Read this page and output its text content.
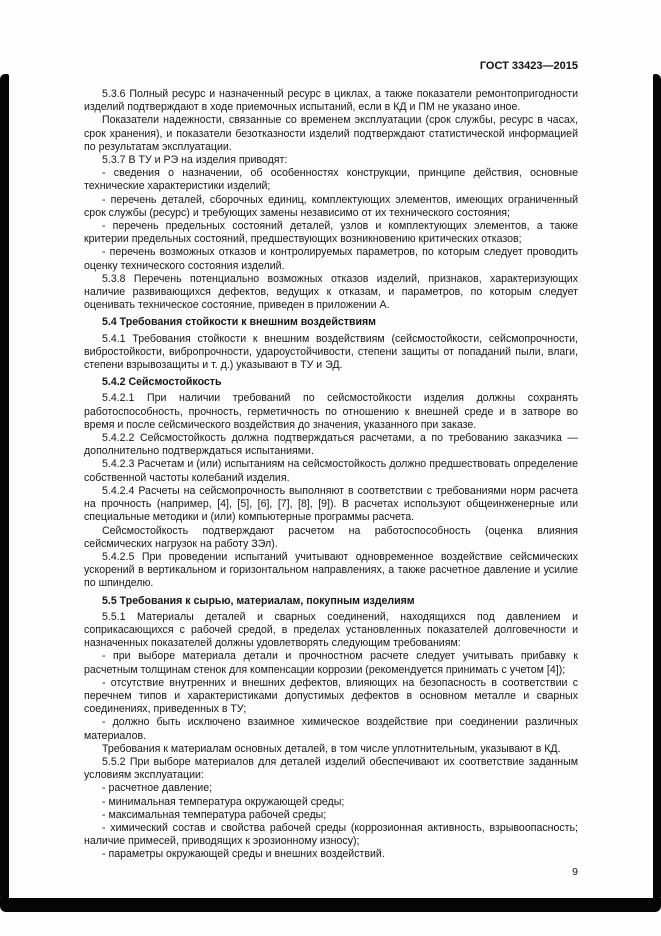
ГОСТ 33423—2015
5.3.6 Полный ресурс и назначенный ресурс в циклах, а также показатели ремонтопригодности изделий подтверждают в ходе приемочных испытаний, если в КД и ПМ не указано иное.
Показатели надежности, связанные со временем эксплуатации (срок службы, ресурс в часах, срок хранения), и показатели безотказности изделий подтверждают статистической информацией по результатам эксплуатации.
5.3.7 В ТУ и РЭ на изделия приводят:
- сведения о назначении, об особенностях конструкции, принципе действия, основные технические характеристики изделий;
- перечень деталей, сборочных единиц, комплектующих элементов, имеющих ограниченный срок службы (ресурс) и требующих замены независимо от их технического состояния;
- перечень предельных состояний деталей, узлов и комплектующих элементов, а также критерии предельных состояний, предшествующих возникновению критических отказов;
- перечень возможных отказов и контролируемых параметров, по которым следует проводить оценку технического состояния изделий.
5.3.8 Перечень потенциально возможных отказов изделий, признаков, характеризующих наличие развивающихся дефектов, ведущих к отказам, и параметров, по которым следует оценивать техническое состояние, приведен в приложении А.
5.4 Требования стойкости к внешним воздействиям
5.4.1 Требования стойкости к внешним воздействиям (сейсмостойкости, сейсмопрочности, вибростойкости, вибропрочности, удароустойчивости, степени защиты от попаданий пыли, влаги, степени взрывозащиты и т. д.) указывают в ТУ и ЭД.
5.4.2 Сейсмостойкость
5.4.2.1 При наличии требований по сейсмостойкости изделия должны сохранять работоспособность, прочность, герметичность по отношению к внешней среде и в затворе во время и после сейсмического воздействия до значения, указанного при заказе.
5.4.2.2 Сейсмостойкость должна подтверждаться расчетами, а по требованию заказчика — дополнительно подтверждаться испытаниями.
5.4.2.3 Расчетам и (или) испытаниям на сейсмостойкость должно предшествовать определение собственной частоты колебаний изделия.
5.4.2.4 Расчеты на сейсмопрочность выполняют в соответствии с требованиями норм расчета на прочность (например, [4], [5], [6], [7], [8], [9]). В расчетах используют общеинженерные или специальные методики и (или) компьютерные программы расчета.
Сейсмостойкость подтверждают расчетом на работоспособность (оценка влияния сейсмических нагрузок на работу ЗЭл).
5.4.2.5 При проведении испытаний учитывают одновременное воздействие сейсмических ускорений в вертикальном и горизонтальном направлениях, а также расчетное давление и усилие по шпинделю.
5.5 Требования к сырью, материалам, покупным изделиям
5.5.1 Материалы деталей и сварных соединений, находящихся под давлением и соприкасающихся с рабочей средой, в пределах установленных показателей долговечности и назначенных показателей должны удовлетворять следующим требованиям:
- при выборе материала детали и прочностном расчете следует учитывать прибавку к расчетным толщинам стенок для компенсации коррозии (рекомендуется принимать с учетом [4]);
- отсутствие внутренних и внешних дефектов, влияющих на безопасность в соответствии с перечнем типов и характеристиками допустимых дефектов в основном металле и сварных соединениях, приведенных в ТУ;
- должно быть исключено взаимное химическое воздействие при соединении различных материалов.
Требования к материалам основных деталей, в том числе уплотнительным, указывают в КД.
5.5.2 При выборе материалов для деталей изделий обеспечивают их соответствие заданным условиям эксплуатации:
- расчетное давление;
- минимальная температура окружающей среды;
- максимальная температура рабочей среды;
- химический состав и свойства рабочей среды (коррозионная активность, взрывоопасность; наличие примесей, приводящих к эрозионному износу);
- параметры окружающей среды и внешних воздействий.
9
